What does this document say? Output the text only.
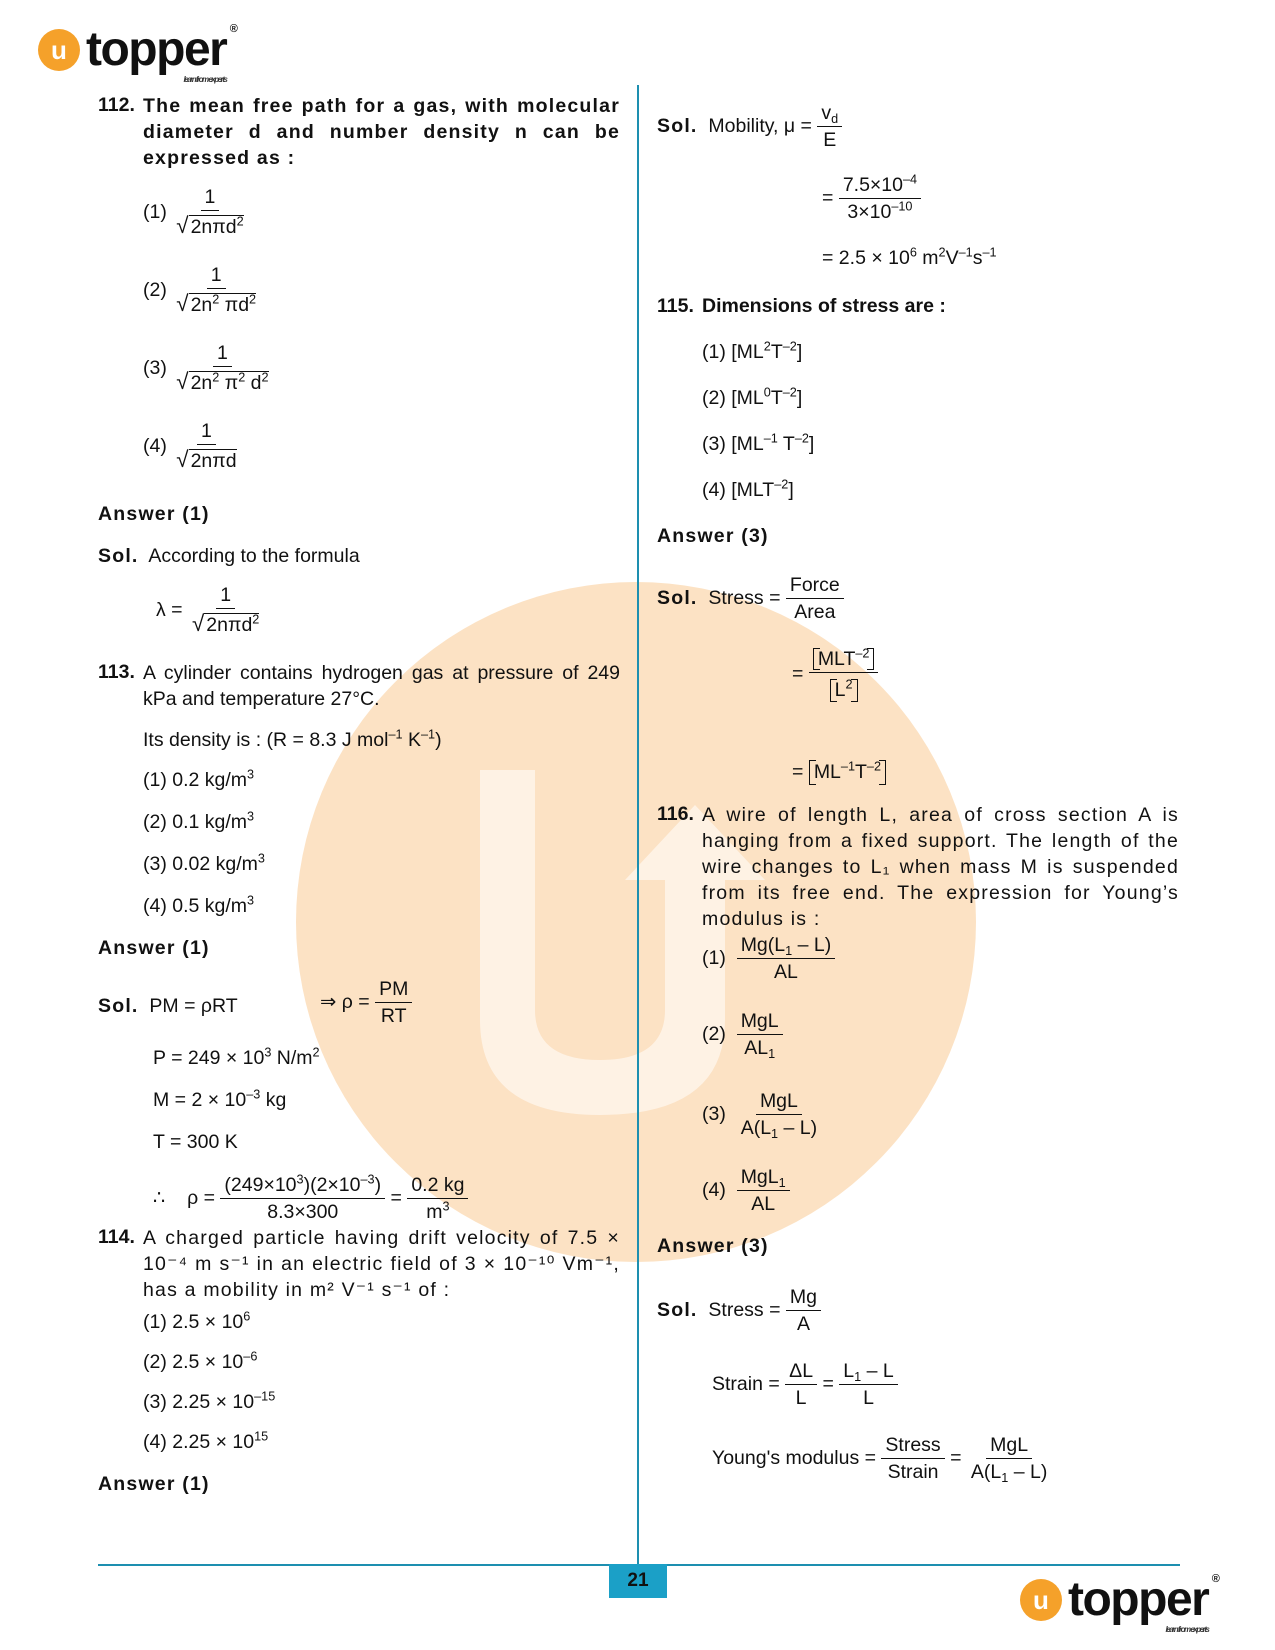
u topper ®
learn from experts
112. The mean free path for a gas, with molecular diameter d and number density n can be expressed as :
$(1) \frac{1}{√ 2n\pi d^2}$
$(2) \frac{1}{√ 2n^2 \pi d^2}$
$(3) \frac{1}{√ 2n^2 \pi^2 d^2}$
$(4) \frac{1}{\text{√ 2nπd}}$
Answer (1)
Sol. According to the formula
$\lambda = \frac{1}{√ 2n\pi d^2}$
113. A cylinder contains hydrogen gas at pressure of 249 kPa and temperature 27°C.
Its density is : (R = 8.3 J mol$^{-1}$ $K^{-1}$)
(1) 0.2 $kg/m^3$
(2) 0.1 $kg/m^3$
(3) 0.02 $kg/m^3$
(4) 0.5 $kg/m^3$
Answer (1)
Sol. PM = ρRT	⇒ $\rho = \frac{PM}{RT}$
$P = 249 \times 10^3$ $N/m^2$
$M = 2 \times 10^{-3}$ kg
T = 300 K
∴ $\rho = \frac{(249\times 10^3)(2\times 10^{-3})}{8.3\times 300} = \frac{0.2 kg}{m^3}$
114. A charged particle having drift velocity of 7.5 × 10⁻⁴ m s⁻¹ in an electric field of 3 × 10⁻¹⁰ Vm⁻¹, has a mobility in m² V⁻¹ s⁻¹ of :
(1) $2.5 \times 10^6$
(2) $2.5 \times 10^{-6}$
(3) $2.25 \times 10^{-15}$
(4) $2.25 \times 10^{15}$
Answer (1)
Sol. Mobility, $\mu = \frac{v_d}{E}$
= $\frac{7.5\times 10^{-4}}{3\times 10^{-10}}$
= $2.5 \times 10^6$ $m^2V^{-1}s^{-1}$
115. Dimensions of stress are :
(1) $[ML^2T^{-2}]$
(2) $[ML^0T^{-2}]$
(3) [$ML^{-1}$ $T^{-2}$]
(4) $[MLT^{-2}]$
Answer (3)
Sol. Stress = $\frac{\text{Force}}{\text{Area}}$
= $\frac{MLT^{-2}}{L^2}$
= $ML^{-1}T^{-2}$
116. A wire of length L, area of cross section A is hanging from a fixed support. The length of the wire changes to L₁ when mass M is suspended from its free end. The expression for Young’s modulus is :
$(1) \frac{Mg(L_1 - L)}{AL}$
$(2) \frac{\text{MgL}}{AL_1}$
$(3) \frac{\text{MgL}}{A(L_1 - L)}$
$(4) \frac{MgL_1}{AL}$
Answer (3)
Sol. Stress = $\frac{Mg}{A}$
Strain = $\frac{\Delta L}{L} = \frac{L_1 - L}{L}$
Young's modulus = $\frac{\text{Stress}}{\text{Strain}} = \frac{\text{MgL}}{A(L_1 - L)}$
21
u topper ®
learn from experts
